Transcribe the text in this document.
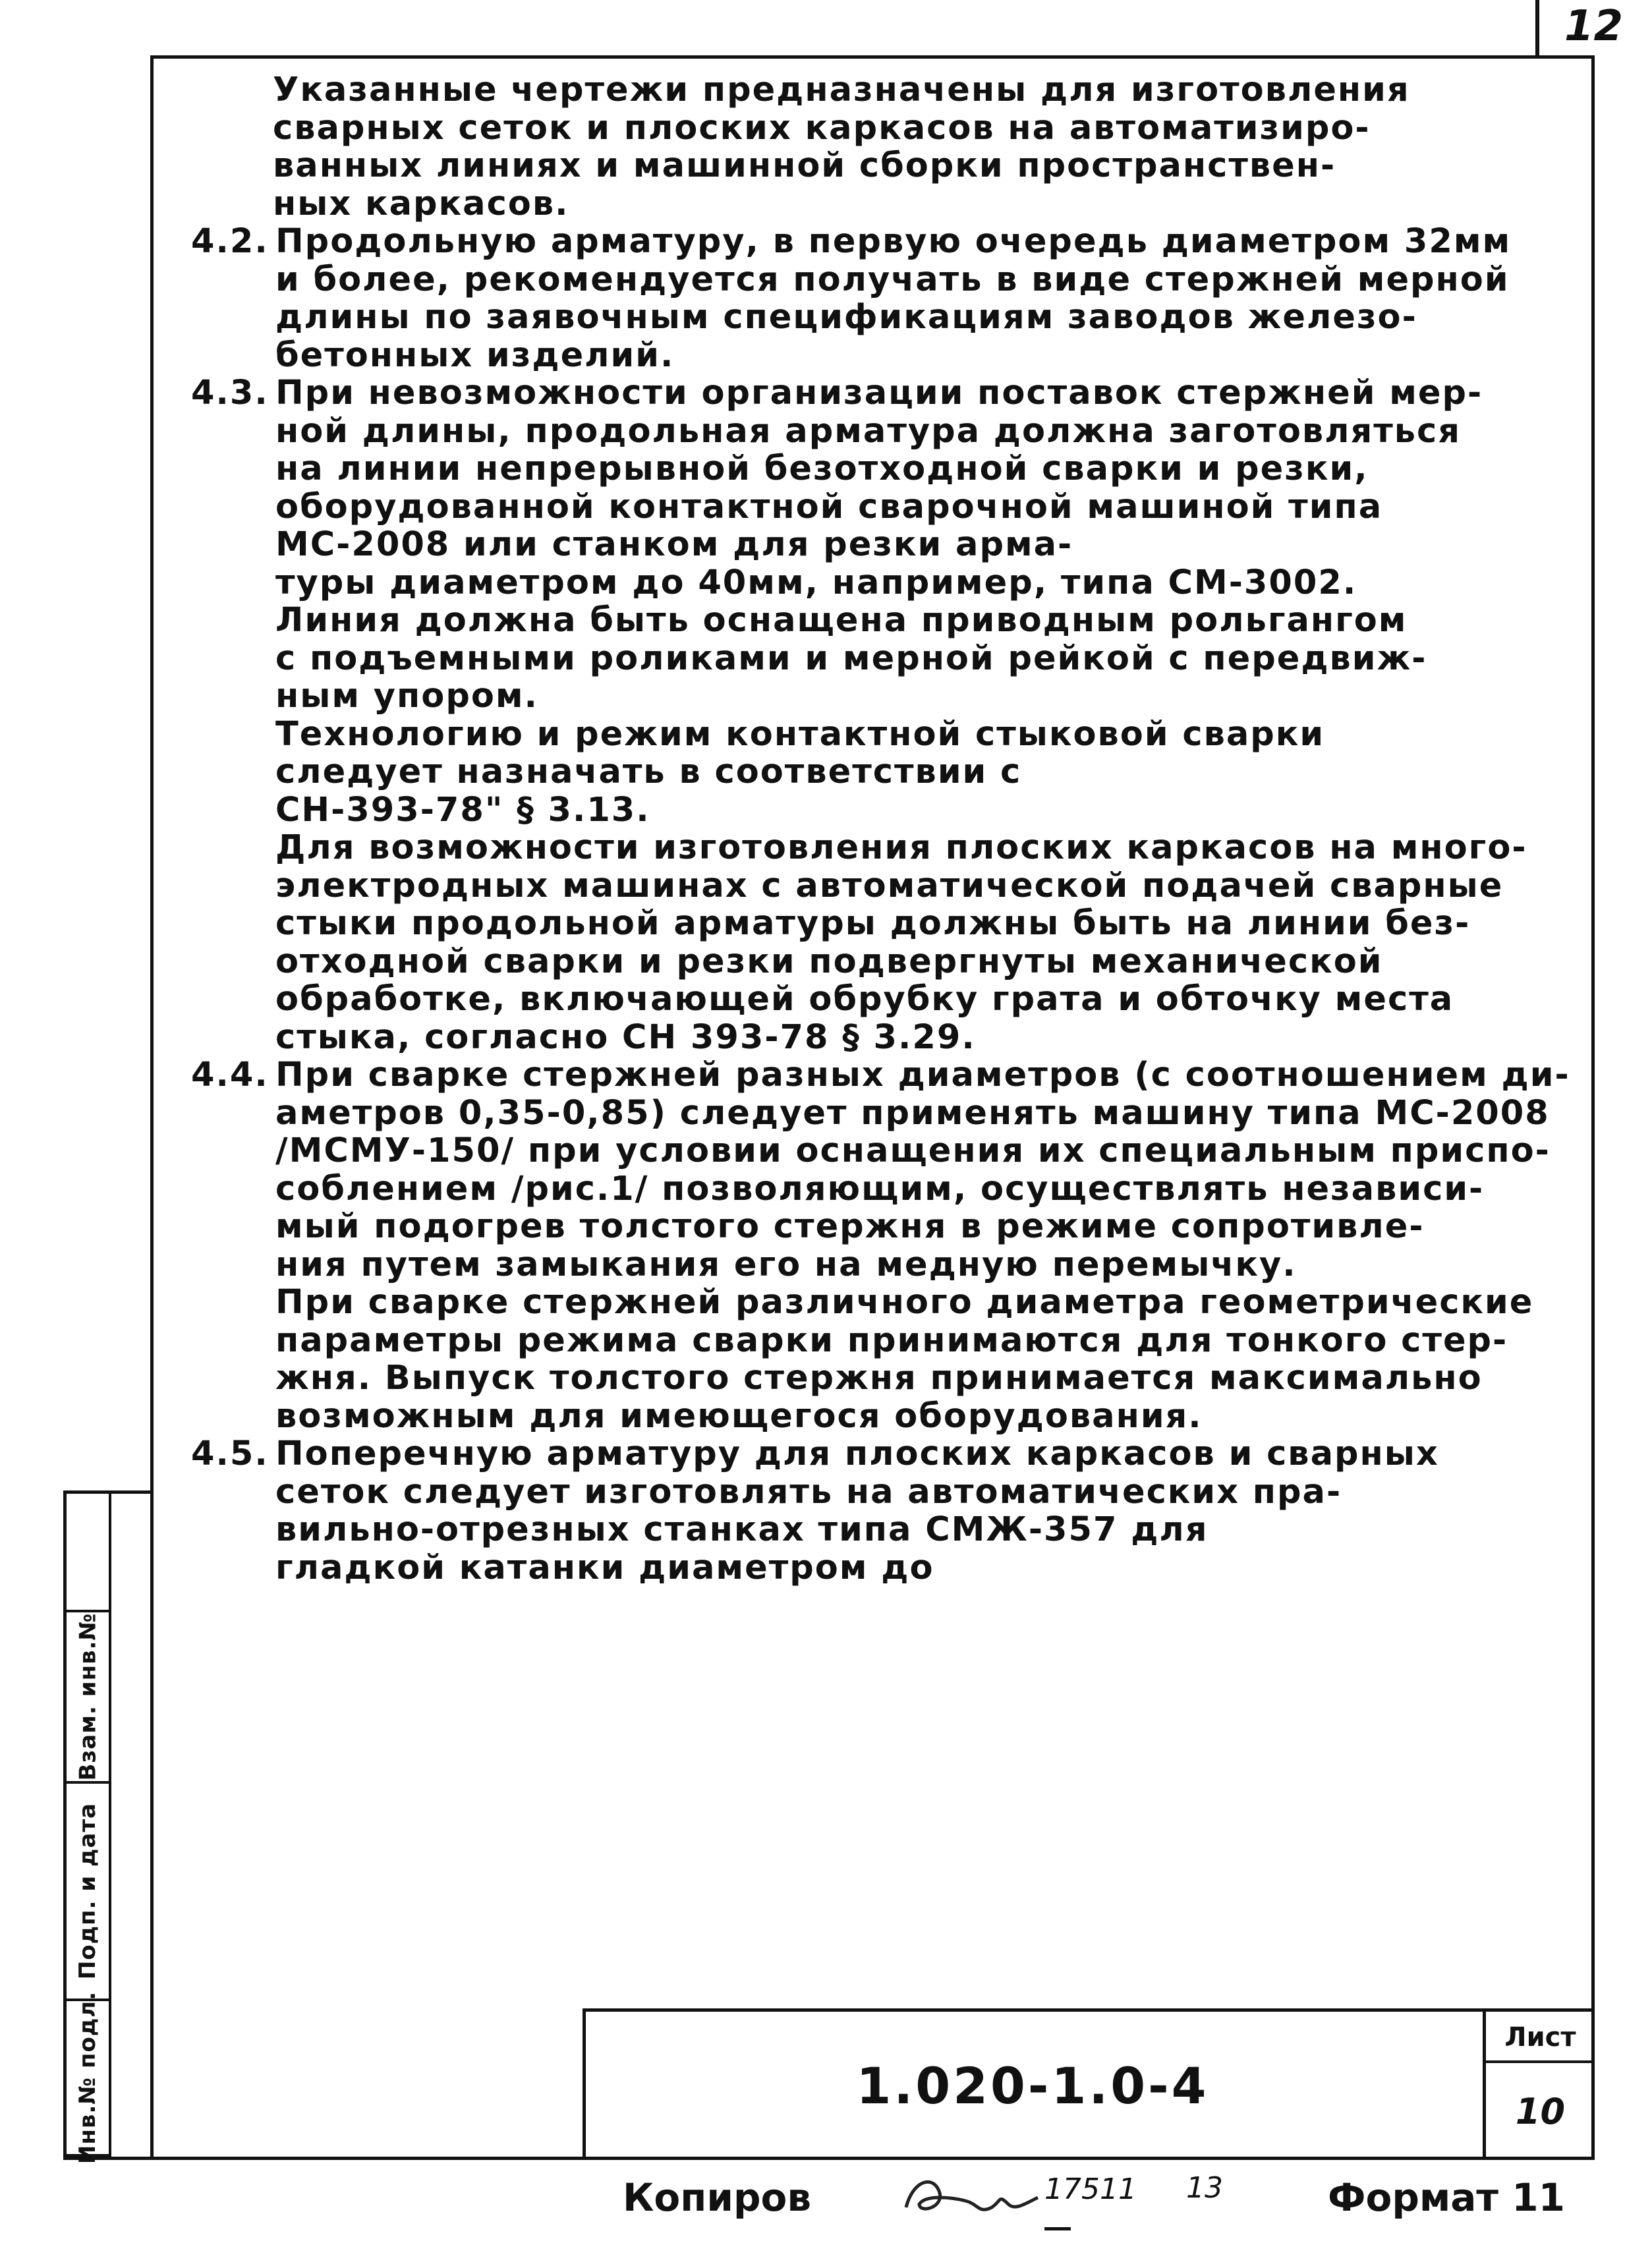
12
Указанные чертежи предназначены для изготовления
сварных сеток и плоских каркасов на автоматизиро-
ванных линиях и машинной сборки пространствен-
ных каркасов.
4.2. Продольную арматуру, в первую очередь диаметром 32мм
и более, рекомендуется получать в виде стержней мерной
длины по заявочным спецификациям заводов железо-
бетонных изделий.
4.3. При невозможности организации поставок стержней мер-
ной длины, продольная арматура должна заготовляться
на линии непрерывной безотходной сварки и резки,
оборудованной контактной сварочной машиной типа
МС-2008 или станком для резки арма-
туры диаметром до 40мм, например, типа СМ-3002.
Линия должна быть оснащена приводным рольгангом
с подъемными роликами и мерной рейкой с передвиж-
ным упором.
Технологию и режим контактной стыковой сварки
следует назначать в соответствии с
СН-393-78" § 3.13.
Для возможности изготовления плоских каркасов на много-
электродных машинах с автоматической подачей сварные
стыки продольной арматуры должны быть на линии без-
отходной сварки и резки подвергнуты механической
обработке, включающей обрубку грата и обточку места
стыка, согласно СН 393-78 § 3.29.
4.4. При сварке стержней разных диаметров (с соотношением ди-
аметров 0,35-0,85) следует применять машину типа МС-2008
/МСМУ-150/ при условии оснащения их специальным приспо-
соблением /рис.1/ позволяющим, осуществлять независи-
мый подогрев толстого стержня в режиме сопротивле-
ния путем замыкания его на медную перемычку.
При сварке стержней различного диаметра геометрические
параметры режима сварки принимаются для тонкого стер-
жня. Выпуск толстого стержня принимается максимально
возможным для имеющегося оборудования.
4.5. Поперечную арматуру для плоских каркасов и сварных
сеток следует изготовлять на автоматических пра-
вильно-отрезных станках типа СМЖ-357 для
гладкой катанки диаметром до
Инв.№ подл.
Подп. и дата
Взам. инв.№
1.020-1.0-4
Лист
10
Копиров	17511 13	Формат 11
